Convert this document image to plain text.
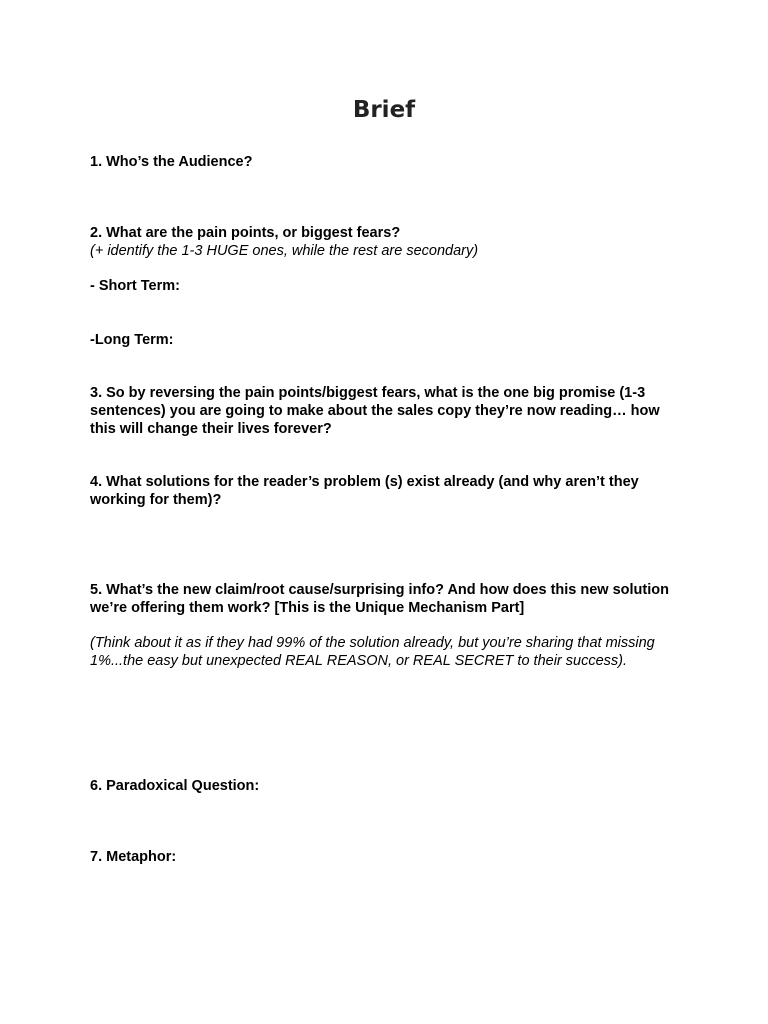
Brief
1. Who’s the Audience?
2. What are the pain points, or biggest fears?
(+ identify the 1-3 HUGE ones, while the rest are secondary)
- Short Term:
-Long Term:
3. So by reversing the pain points/biggest fears, what is the one big promise (1-3 sentences) you are going to make about the sales copy they’re now reading… how this will change their lives forever?
4. What solutions for the reader’s problem (s) exist already (and why aren’t they working for them)?
5. What’s the new claim/root cause/surprising info? And how does this new solution we’re offering them work? [This is the Unique Mechanism Part]
(Think about it as if they had 99% of the solution already, but you’re sharing that missing 1%...the easy but unexpected REAL REASON, or REAL SECRET to their success).
6. Paradoxical Question:
7. Metaphor:
